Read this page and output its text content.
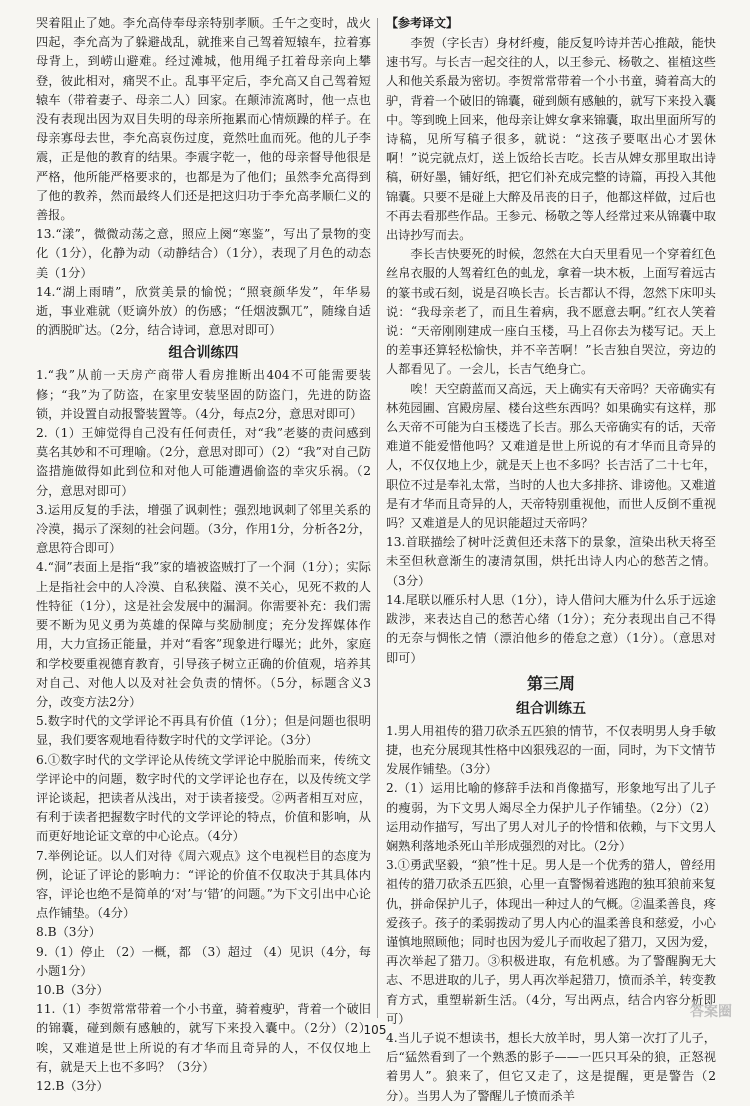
哭着阻止了她。李允高侍奉母亲特别孝顺。壬午之变时，战火四起，李允高为了躲避战乱，就推来自己驾着短辕车，拉着寡母背上，到崂山避难。经过滩城，他用绳子扛着母亲向上攀登，彼此相对，痛哭不止。乱事平定后，李允高又自己驾着短辕车（带着妻子、母亲二人）回家。在颠沛流离时，他一点也没有表现出因为双目失明的母亲所拖累而心情烦躁的样子。在母亲寡母去世，李允高哀伤过度，竟然吐血而死。他的儿子李震，正是他的教育的结果。李震字乾一，他的母亲督导他很是严格，他所能严格要求的，也都是为了他们；虽然李允高得到了他的教养，然而最终人们还是把这归功于李允高孝顺仁义的善报。

13.“漾”，微微动荡之意，照应上阕“寒鉴”，写出了景物的变化（1分），化静为动（动静结合）（1分），表现了月色的动态美（1分）

14.“湖上雨晴”，欣赏美景的愉悦；“照衰颜华发”，年华易逝，事业难就（贬谪外放）的伤感；“任烟波飘兀”，随缘自适的洒脱旷达。（2分，结合诗词，意思对即可）

组合训练四

1.“我”从前一天房产商带人看房推断出404不可能需要装修；“我”为了防盗，在家里安装坚固的防盗门，先进的防盗锁，并设置自动报警装置等。（4分，每点2分，意思对即可）

2.（1）王婶觉得自己没有任何责任，对“我”老婆的责问感到莫名其妙和不可理喻。（2分，意思对即可）（2）“我”对自己防盗措施做得如此到位和对他人可能遭遇偷盗的幸灾乐祸。（2分，意思对即可）

3.运用反复的手法，增强了讽刺性；强烈地讽刺了邻里关系的冷漠，揭示了深刻的社会问题。（3分，作用1分，分析各2分，意思符合即可）

4.“洞”表面上是指“我”家的墙被盗贼打了一个洞（1分）；实际上是指社会中的人冷漠、自私狭隘、漠不关心，见死不救的人性特征（1分），这是社会发展中的漏洞。你需要补充：我们需要不断为见义勇为英雄的保障与奖励制度；充分发挥媒体作用，大力宣扬正能量，并对“看客”现象进行曝光；此外，家庭和学校要重视德育教育，引导孩子树立正确的价值观，培养其对自己、对他人以及对社会负责的情怀。（5分，标题含义3分，改变方法2分）

5.数字时代的文学评论不再具有价值（1分）；但是问题也很明显，我们要客观地看待数字时代的文学评论。（3分）

6.①数字时代的文学评论从传统文学评论中脱胎而来，传统文学评论中的问题，数字时代的文学评论也存在，以及传统文学评论谈起，把读者从浅出，对于读者接受。②两者相互对应，有利于读者把握数字时代的文学评论的特点，价值和影响，从而更好地论证文章的中心论点。（4分）

7.举例论证。以人们对待《周六观点》这个电视栏目的态度为例，论证了评论的影响力：“评论的价值不仅取决于其具体内容，评论也绝不是简单的‘对’与‘错’的问题。”为下文引出中心论点作铺垫。（4分）

8.B（3分）

9.（1）停止 （2）一概，都 （3）超过 （4）见识（4分，每小题1分）

10.B（3分）

11.（1）李贺常常带着一个小书童，骑着瘦驴，背着一个破旧的锦囊，碰到颇有感触的，就写下来投入囊中。（2分）（2）唉，又难道是世上所说的有才华而且奇异的人，不仅仅地上有，就是天上也不多吗？（3分）

12.B（3分）

【参考译文】

李贺（字长吉）身材纤瘦，能反复吟诗并苦心推敲，能快速书写。与长吉一起交往的人，以王参元、杨敬之、崔植这些人和他关系最为密切。李贺常常带着一个小书童，骑着高大的驴，背着一个破旧的锦囊，碰到颇有感触的，就写下来投入囊中。等到晚上回来，他母亲让婢女拿来锦囊，取出里面所写的诗稿，见所写稿子很多，就说：“这孩子要呕出心才罢休啊！”说完就点灯，送上饭给长吉吃。长吉从婢女那里取出诗稿，研好墨，铺好纸，把它们补充成完整的诗篇，再投入其他锦囊。只要不是碰上大醉及吊丧的日子，他都这样做，过后也不再去看那些作品。王参元、杨敬之等人经常过来从锦囊中取出诗抄写而去。

李长吉快要死的时候，忽然在大白天里看见一个穿着红色丝帛衣服的人驾着红色的虬龙，拿着一块木板，上面写着远古的篆书或石刻，说是召唤长吉。长吉都认不得，忽然下床叩头说：“我母亲老了，而且生着病，我不愿意去啊。”红衣人笑着说：“天帝刚刚建成一座白玉楼，马上召你去为楼写记。天上的差事还算轻松愉快，并不辛苦啊！”长吉独自哭泣，旁边的人都看见了。一会儿，长吉气绝身亡。

唉！天空蔚蓝而又高远，天上确实有天帝吗？天帝确实有林苑园圃、宫殿房屋、楼台这些东西吗？如果确实有这样，那么天帝不可能为白玉楼选了长吉。那么天帝确实有的话，天帝难道不能爱惜他吗？又难道是世上所说的有才华而且奇异的人，不仅仅地上少，就是天上也不多吗？长吉活了二十七年，职位不过是奉礼太常，当时的人也大多排挤、诽谤他。又难道是有才华而且奇异的人，天帝特别重视他，而世人反倒不重视吗？又难道是人的见识能超过天帝吗？

13.首联描绘了树叶泛黄但还未落下的景象，渲染出秋天将至未至但秋意渐生的凄清氛围，烘托出诗人内心的愁苦之情。（3分）

14.尾联以雁乐村人思（1分），诗人借问大雁为什么乐于远途跋涉，来表达自己的愁苦心绪（1分）；充分表现出自己不得的无奈与惆怅之情（漂泊他乡的倦怠之意）（1分）。（意思对即可）

第三周
组合训练五

1.男人用祖传的猎刀砍杀五匹狼的情节，不仅表明男人身手敏捷，也充分展现其性格中凶狠残忍的一面，同时，为下文情节发展作铺垫。（3分）

2.（1）运用比喻的修辞手法和肖像描写，形象地写出了儿子的瘦弱，为下文男人竭尽全力保护儿子作铺垫。（2分）（2）运用动作描写，写出了男人对儿子的怜惜和依赖，与下文男人娴熟利落地杀死山羊形成强烈的对比。（2分）

3.①勇武坚毅，“狼”性十足。男人是一个优秀的猎人，曾经用祖传的猎刀砍杀五匹狼，心里一直警惕着逃跑的独耳狼前来复仇，拼命保护儿子，体现出一种过人的气概。②温柔善良，疼爱孩子。孩子的柔弱拨动了男人内心的温柔善良和慈爱，小心谨慎地照顾他；同时也因为爱儿子而收起了猎刀，又因为爱，再次举起了猎刀。③积极进取，有危机感。为了警醒胸无大志、不思进取的儿子，男人再次举起猎刀，愤而杀羊，转变教育方式，重塑崭新生活。（4分，写出两点，结合内容分析即可）

4.当儿子说不想读书，想长大放羊时，男人第一次打了儿子，后“猛然看到了一个熟悉的影子——一匹只耳朵的狼，正怒视着男人”。狼来了，但它又走了，这是提醒，更是警告（2分）。当男人为了警醒儿子愤而杀羊

105
答案圈
